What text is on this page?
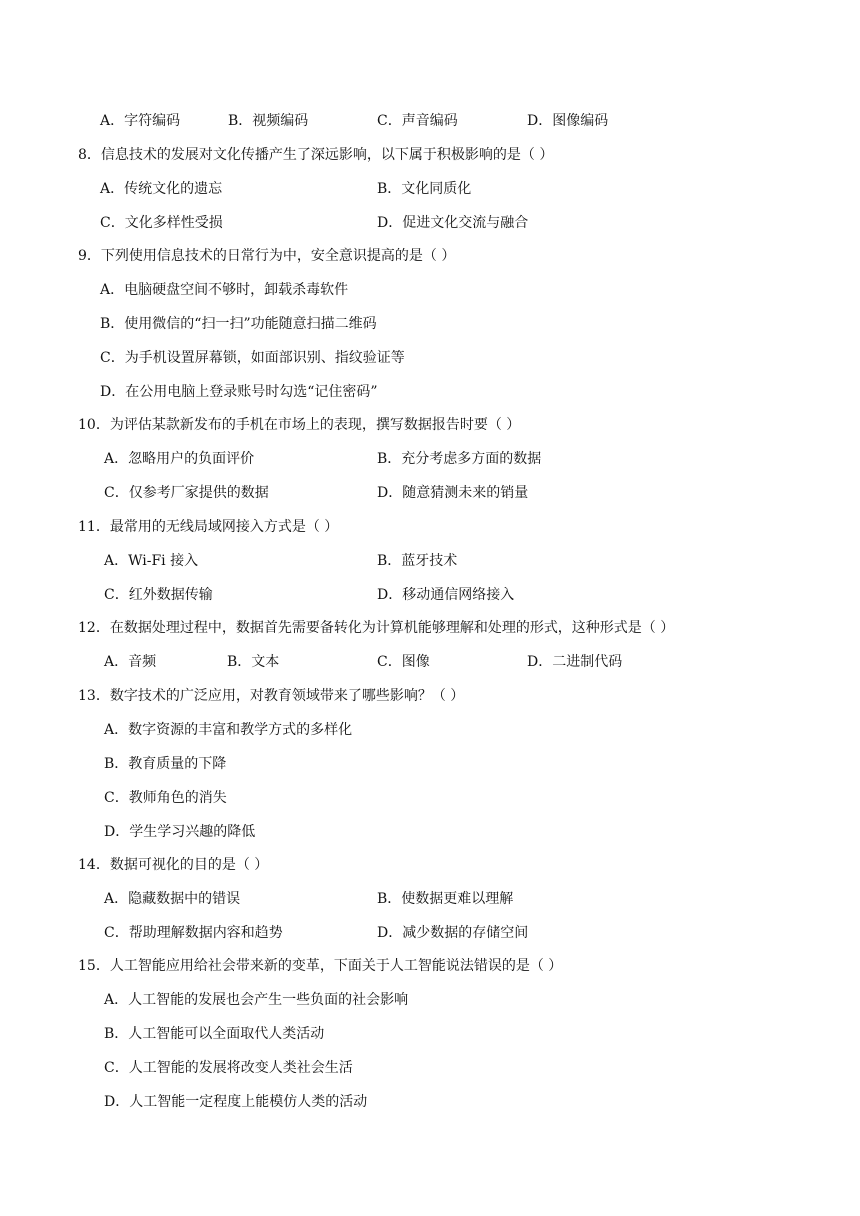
A．字符编码	B．视频编码	C．声音编码	D．图像编码
8．信息技术的发展对文化传播产生了深远影响，以下属于积极影响的是（ ）
A．传统文化的遗忘	B．文化同质化
C．文化多样性受损	D．促进文化交流与融合
9．下列使用信息技术的日常行为中，安全意识提高的是（ ）
A．电脑硬盘空间不够时，卸载杀毒软件
B．使用微信的“扫一扫”功能随意扫描二维码
C．为手机设置屏幕锁，如面部识别、指纹验证等
D．在公用电脑上登录账号时勾选“记住密码”
10．为评估某款新发布的手机在市场上的表现，撰写数据报告时要（ ）
A．忽略用户的负面评价	B．充分考虑多方面的数据
C．仅参考厂家提供的数据	D．随意猜测未来的销量
11．最常用的无线局域网接入方式是（ ）
A．Wi-Fi 接入	B．蓝牙技术
C．红外数据传输	D．移动通信网络接入
12．在数据处理过程中，数据首先需要备转化为计算机能够理解和处理的形式，这种形式是（ ）
A．音频	B．文本	C．图像	D．二进制代码
13．数字技术的广泛应用，对教育领域带来了哪些影响？（ ）
A．数字资源的丰富和教学方式的多样化
B．教育质量的下降
C．教师角色的消失
D．学生学习兴趣的降低
14．数据可视化的目的是（ ）
A．隐藏数据中的错误	B．使数据更难以理解
C．帮助理解数据内容和趋势	D．减少数据的存储空间
15．人工智能应用给社会带来新的变革，下面关于人工智能说法错误的是（ ）
A．人工智能的发展也会产生一些负面的社会影响
B．人工智能可以全面取代人类活动
C．人工智能的发展将改变人类社会生活
D．人工智能一定程度上能模仿人类的活动
